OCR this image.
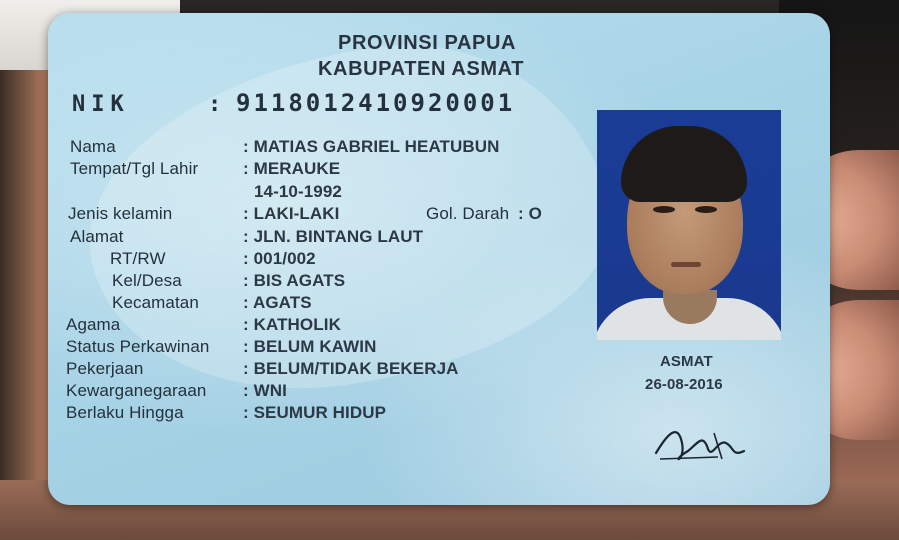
PROVINSI PAPUA
KABUPATEN ASMAT
NIK	: 9118012410920001
Nama	: MATIAS GABRIEL HEATUBUN
Tempat/Tgl Lahir	: MERAUKE
14-10-1992
Jenis kelamin	: LAKI-LAKI	Gol. Darah : O
Alamat	: JLN. BINTANG LAUT
RT/RW	: 001/002
Kel/Desa	: BIS AGATS
Kecamatan	: AGATS
Agama	: KATHOLIK
Status Perkawinan : BELUM KAWIN
Pekerjaan	: BELUM/TIDAK BEKERJA
Kewarganegaraan : WNI
Berlaku Hingga	: SEUMUR HIDUP
ASMAT
26-08-2016
